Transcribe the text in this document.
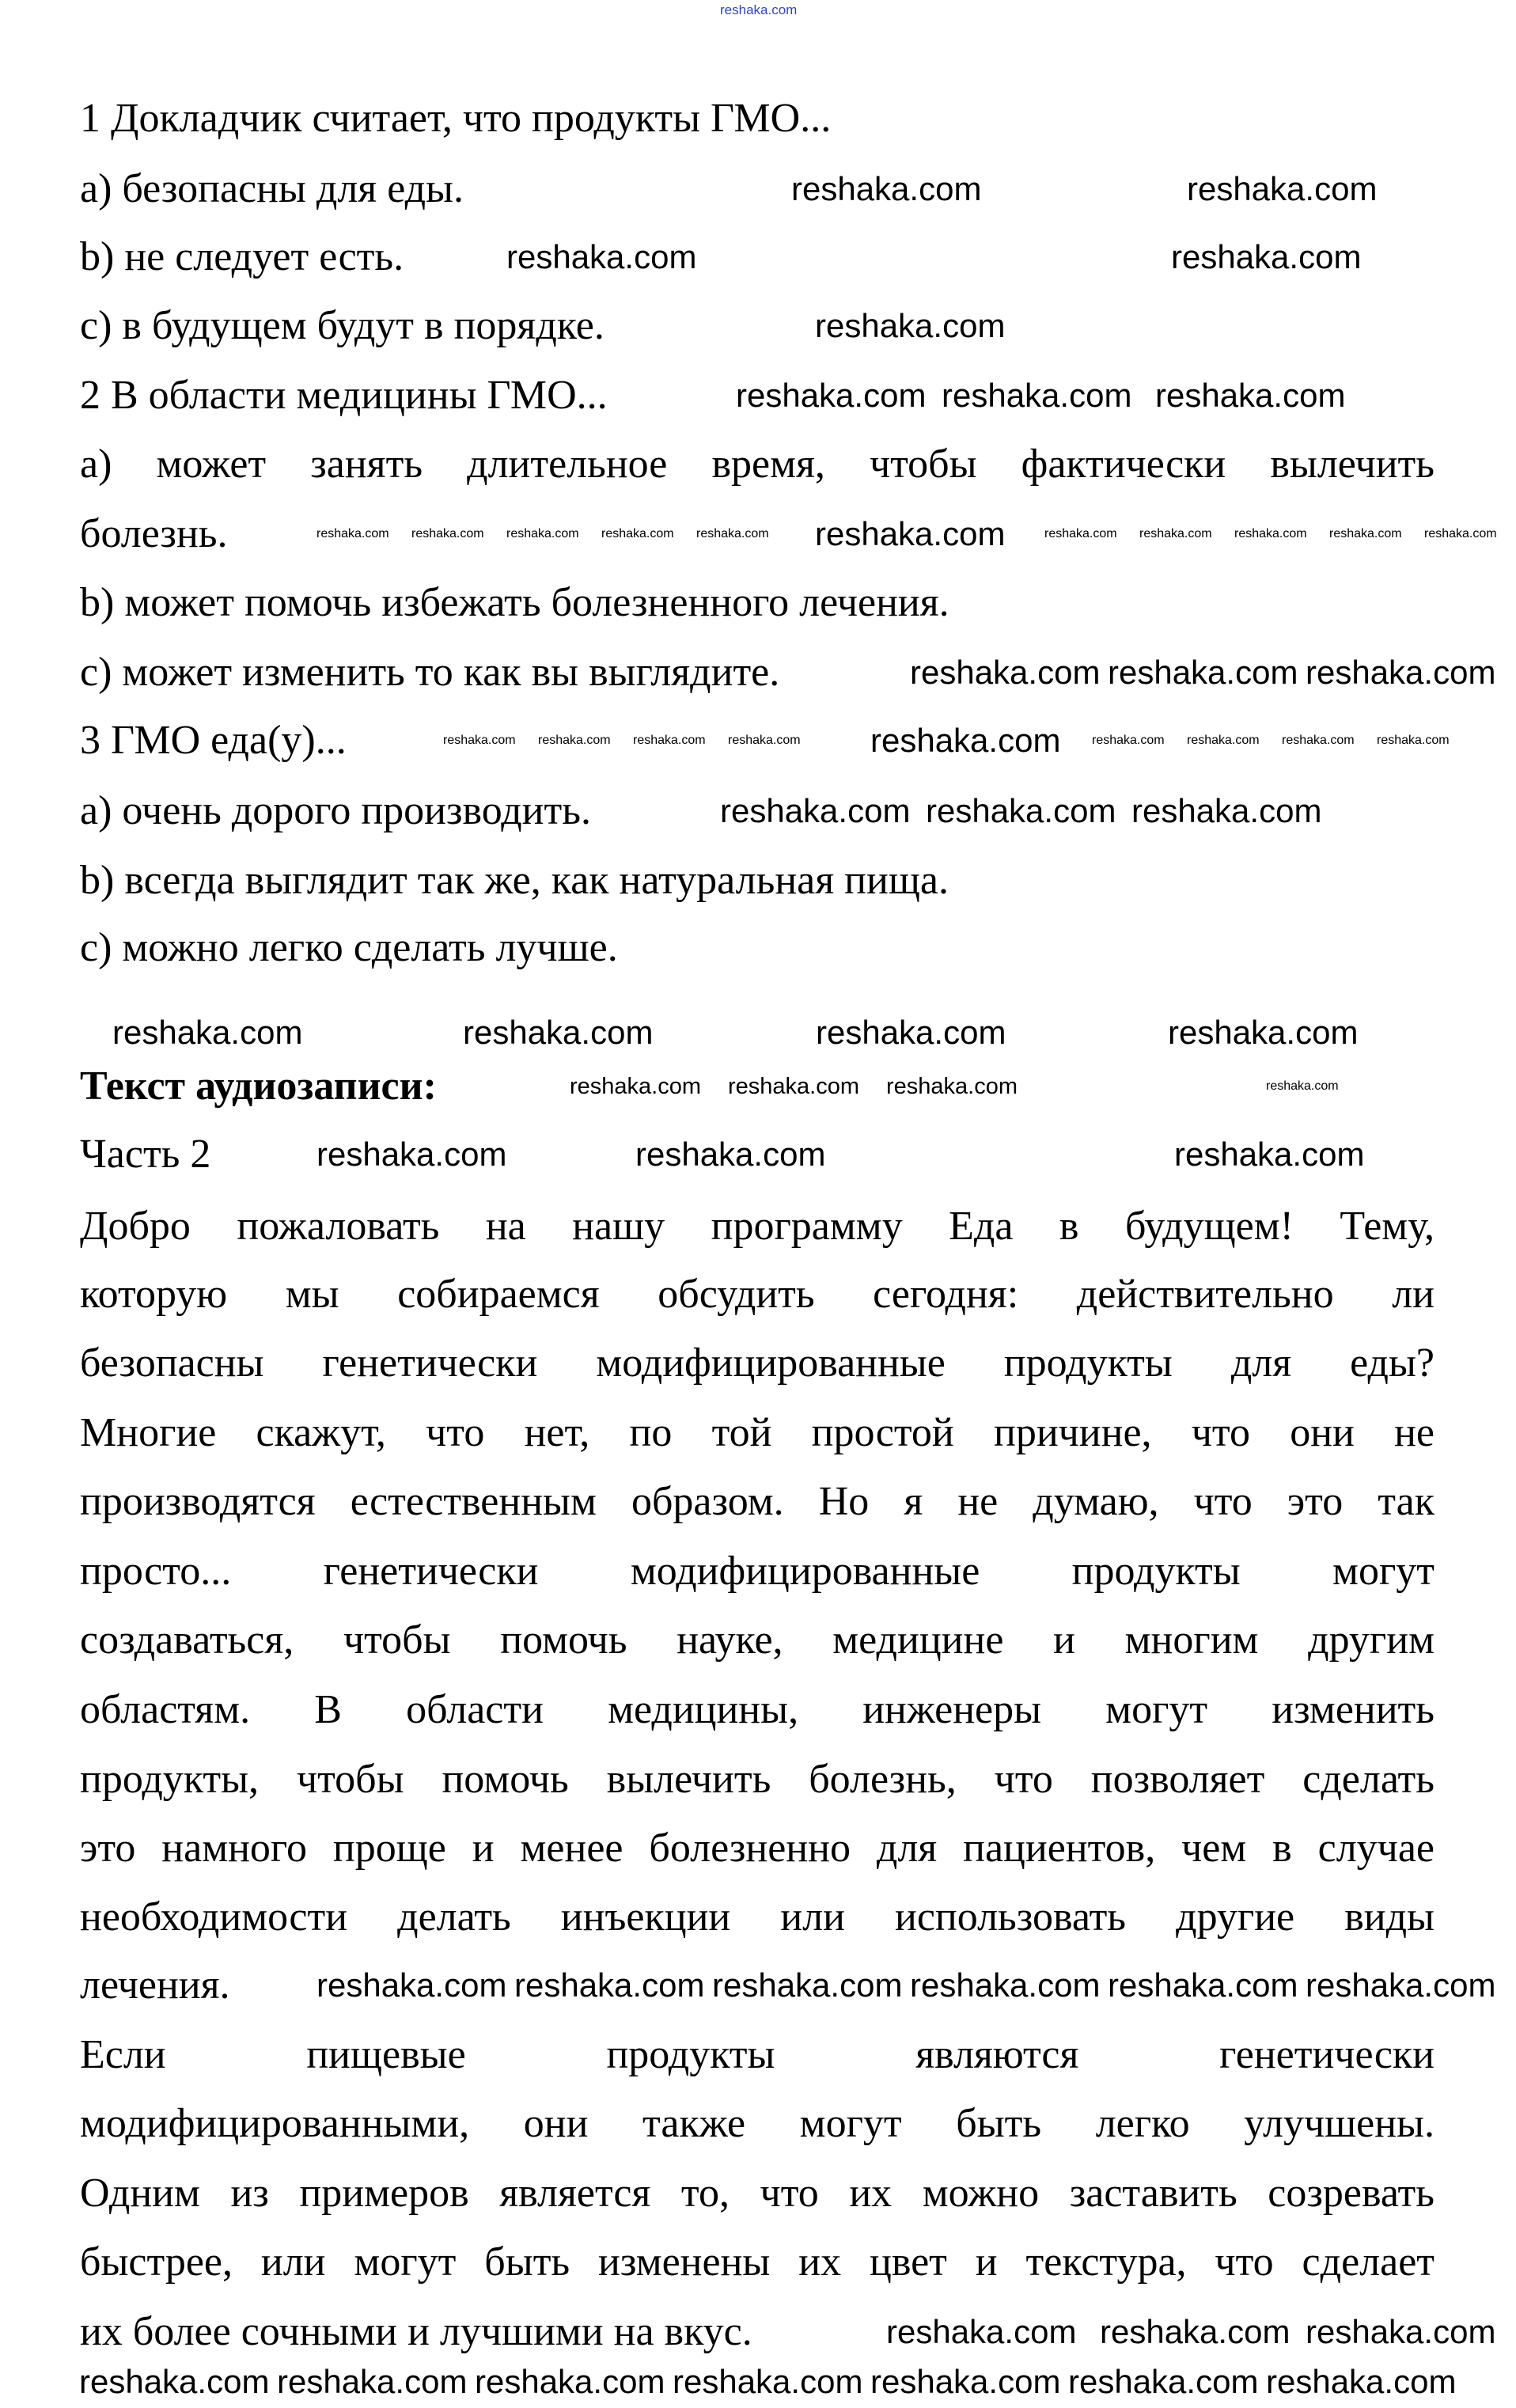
1 Докладчик считает, что продукты ГМО...
a) безопасны для еды.
b) не следует есть.
c) в будущем будут в порядке.
2 В области медицины ГМО...
a) может занять длительное время, чтобы фактически вылечить
болезнь.
b) может помочь избежать болезненного лечения.
c) может изменить то как вы выглядите.
3 ГМО еда(у)...
a) очень дорого производить.
b) всегда выглядит так же, как натуральная пища.
c) можно легко сделать лучше.
Текст аудиозаписи:
Часть 2
Добро пожаловать на нашу программу Еда в будущем! Тему,
которую мы собираемся обсудить сегодня: действительно ли
безопасны генетически модифицированные продукты для еды?
Многие скажут, что нет, по той простой причине, что они не
производятся естественным образом. Но я не думаю, что это так
просто... генетически модифицированные продукты могут
создаваться, чтобы помочь науке, медицине и многим другим
областям. В области медицины, инженеры могут изменить
продукты, чтобы помочь вылечить болезнь, что позволяет сделать
это намного проще и менее болезненно для пациентов, чем в случае
необходимости делать инъекции или использовать другие виды
лечения.
Если пищевые продукты являются генетически
модифицированными, они также могут быть легко улучшены.
Одним из примеров является то, что их можно заставить созревать
быстрее, или могут быть изменены их цвет и текстура, что сделает
их более сочными и лучшими на вкус.
reshaka.com
reshaka.com	reshaka.com
reshaka.com	reshaka.com
reshaka.com
reshaka.com reshaka.com reshaka.com
reshaka.com
reshaka.com reshaka.com reshaka.com
reshaka.com
reshaka.com reshaka.com reshaka.com
reshaka.com	reshaka.com	reshaka.com	reshaka.com
reshaka.com	reshaka.com	reshaka.com
reshaka.com reshaka.com reshaka.com reshaka.com reshaka.com reshaka.com
reshaka.com reshaka.com reshaka.com
reshaka.com reshaka.com reshaka.com reshaka.com reshaka.com reshaka.com reshaka.com
reshaka.com reshaka.com reshaka.com
reshaka.com reshaka.com reshaka.com reshaka.com	reshaka.com reshaka.com reshaka.com reshaka.com
reshaka.com reshaka.com reshaka.com reshaka.com reshaka.com	reshaka.com reshaka.com reshaka.com reshaka.com reshaka.com
reshaka.com
